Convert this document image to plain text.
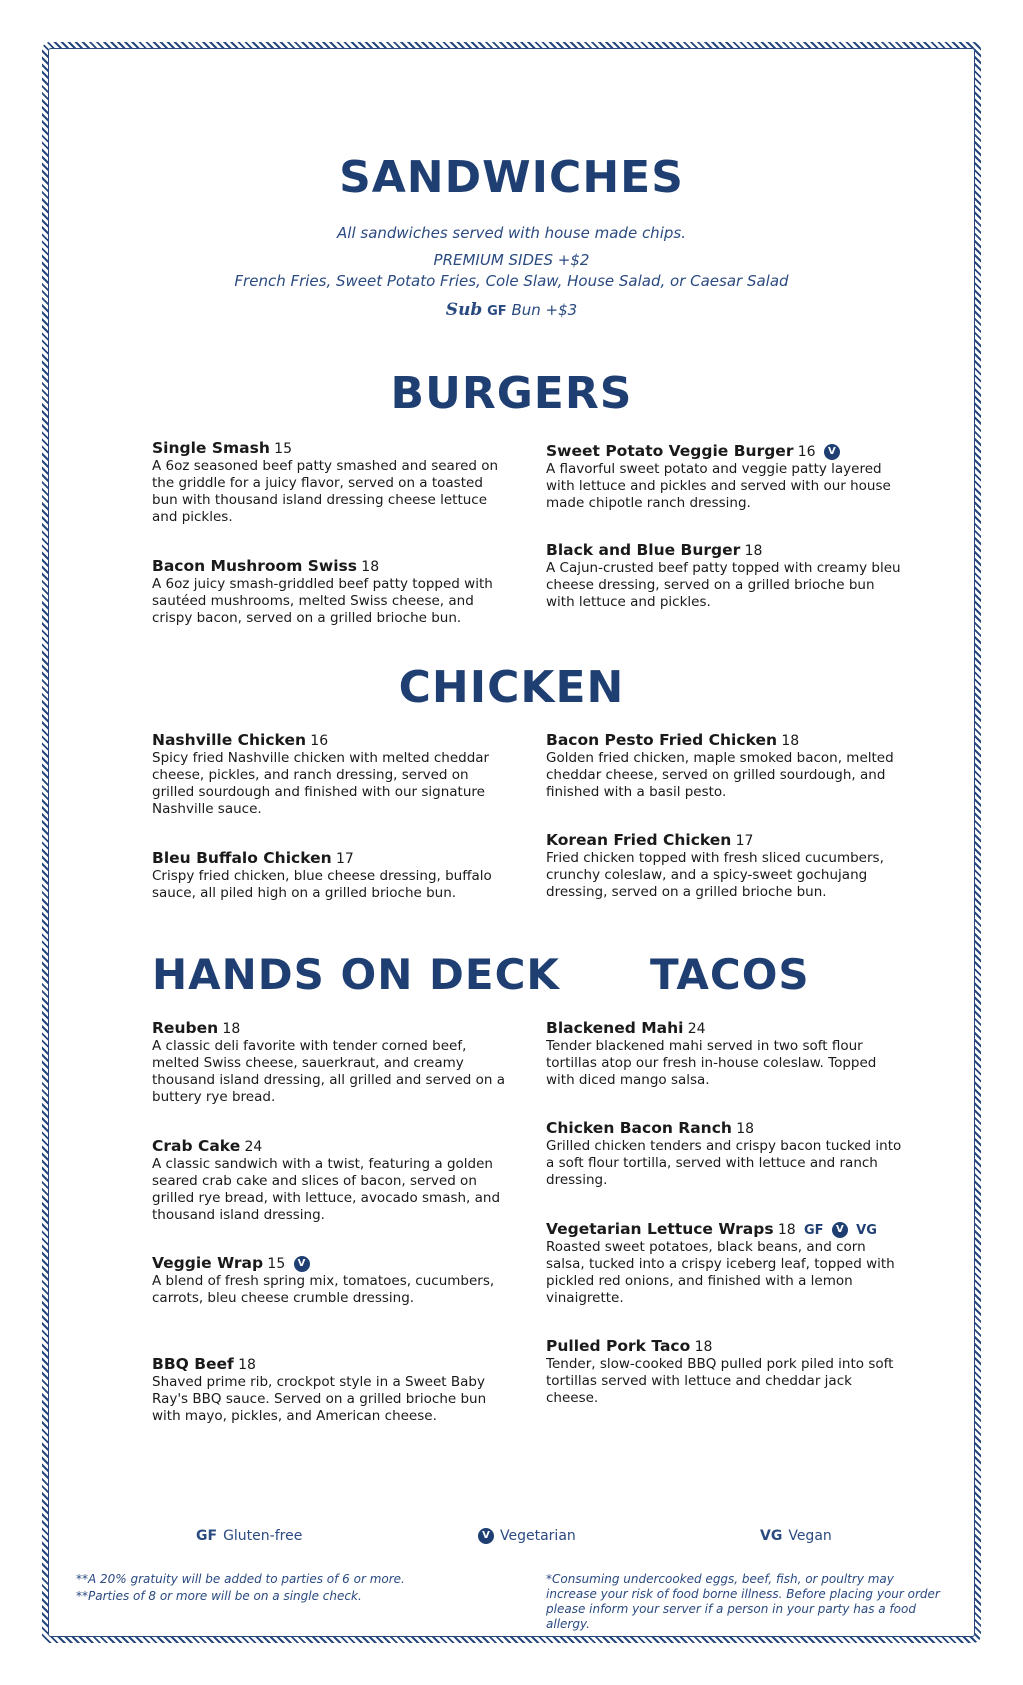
SANDWICHES
All sandwiches served with house made chips.
PREMIUM SIDES +$2
French Fries, Sweet Potato Fries, Cole Slaw, House Salad, or Caesar Salad
Sub GF Bun +$3
BURGERS
Single Smash 15
A 6oz seasoned beef patty smashed and seared on the griddle for a juicy flavor, served on a toasted bun with thousand island dressing cheese lettuce and pickles.
Bacon Mushroom Swiss 18
A 6oz juicy smash-griddled beef patty topped with sautéed mushrooms, melted Swiss cheese, and crispy bacon, served on a grilled brioche bun.
Sweet Potato Veggie Burger 16 V
A flavorful sweet potato and veggie patty layered with lettuce and pickles and served with our house made chipotle ranch dressing.
Black and Blue Burger 18
A Cajun-crusted beef patty topped with creamy bleu cheese dressing, served on a grilled brioche bun with lettuce and pickles.
CHICKEN
Nashville Chicken 16
Spicy fried Nashville chicken with melted cheddar cheese, pickles, and ranch dressing, served on grilled sourdough and finished with our signature Nashville sauce.
Bleu Buffalo Chicken 17
Crispy fried chicken, blue cheese dressing, buffalo sauce, all piled high on a grilled brioche bun.
Bacon Pesto Fried Chicken 18
Golden fried chicken, maple smoked bacon, melted cheddar cheese, served on grilled sourdough, and finished with a basil pesto.
Korean Fried Chicken 17
Fried chicken topped with fresh sliced cucumbers, crunchy coleslaw, and a spicy-sweet gochujang dressing, served on a grilled brioche bun.
HANDS ON DECK
Reuben 18
A classic deli favorite with tender corned beef, melted Swiss cheese, sauerkraut, and creamy thousand island dressing, all grilled and served on a buttery rye bread.
Crab Cake 24
A classic sandwich with a twist, featuring a golden seared crab cake and slices of bacon, served on grilled rye bread, with lettuce, avocado smash, and thousand island dressing.
Veggie Wrap 15 V
A blend of fresh spring mix, tomatoes, cucumbers, carrots, bleu cheese crumble dressing.
BBQ Beef 18
Shaved prime rib, crockpot style in a Sweet Baby Ray's BBQ sauce. Served on a grilled brioche bun with mayo, pickles, and American cheese.
TACOS
Blackened Mahi 24
Tender blackened mahi served in two soft flour tortillas atop our fresh in-house coleslaw. Topped with diced mango salsa.
Chicken Bacon Ranch 18
Grilled chicken tenders and crispy bacon tucked into a soft flour tortilla, served with lettuce and ranch dressing.
Vegetarian Lettuce Wraps 18 GF V VG
Roasted sweet potatoes, black beans, and corn salsa, tucked into a crispy iceberg leaf, topped with pickled red onions, and finished with a lemon vinaigrette.
Pulled Pork Taco 18
Tender, slow-cooked BBQ pulled pork piled into soft tortillas served with lettuce and cheddar jack cheese.
GF Gluten-free	V Vegetarian	VG Vegan
**A 20% gratuity will be added to parties of 6 or more.
**Parties of 8 or more will be on a single check.
*Consuming undercooked eggs, beef, fish, or poultry may increase your risk of food borne illness. Before placing your order please inform your server if a person in your party has a food allergy.
